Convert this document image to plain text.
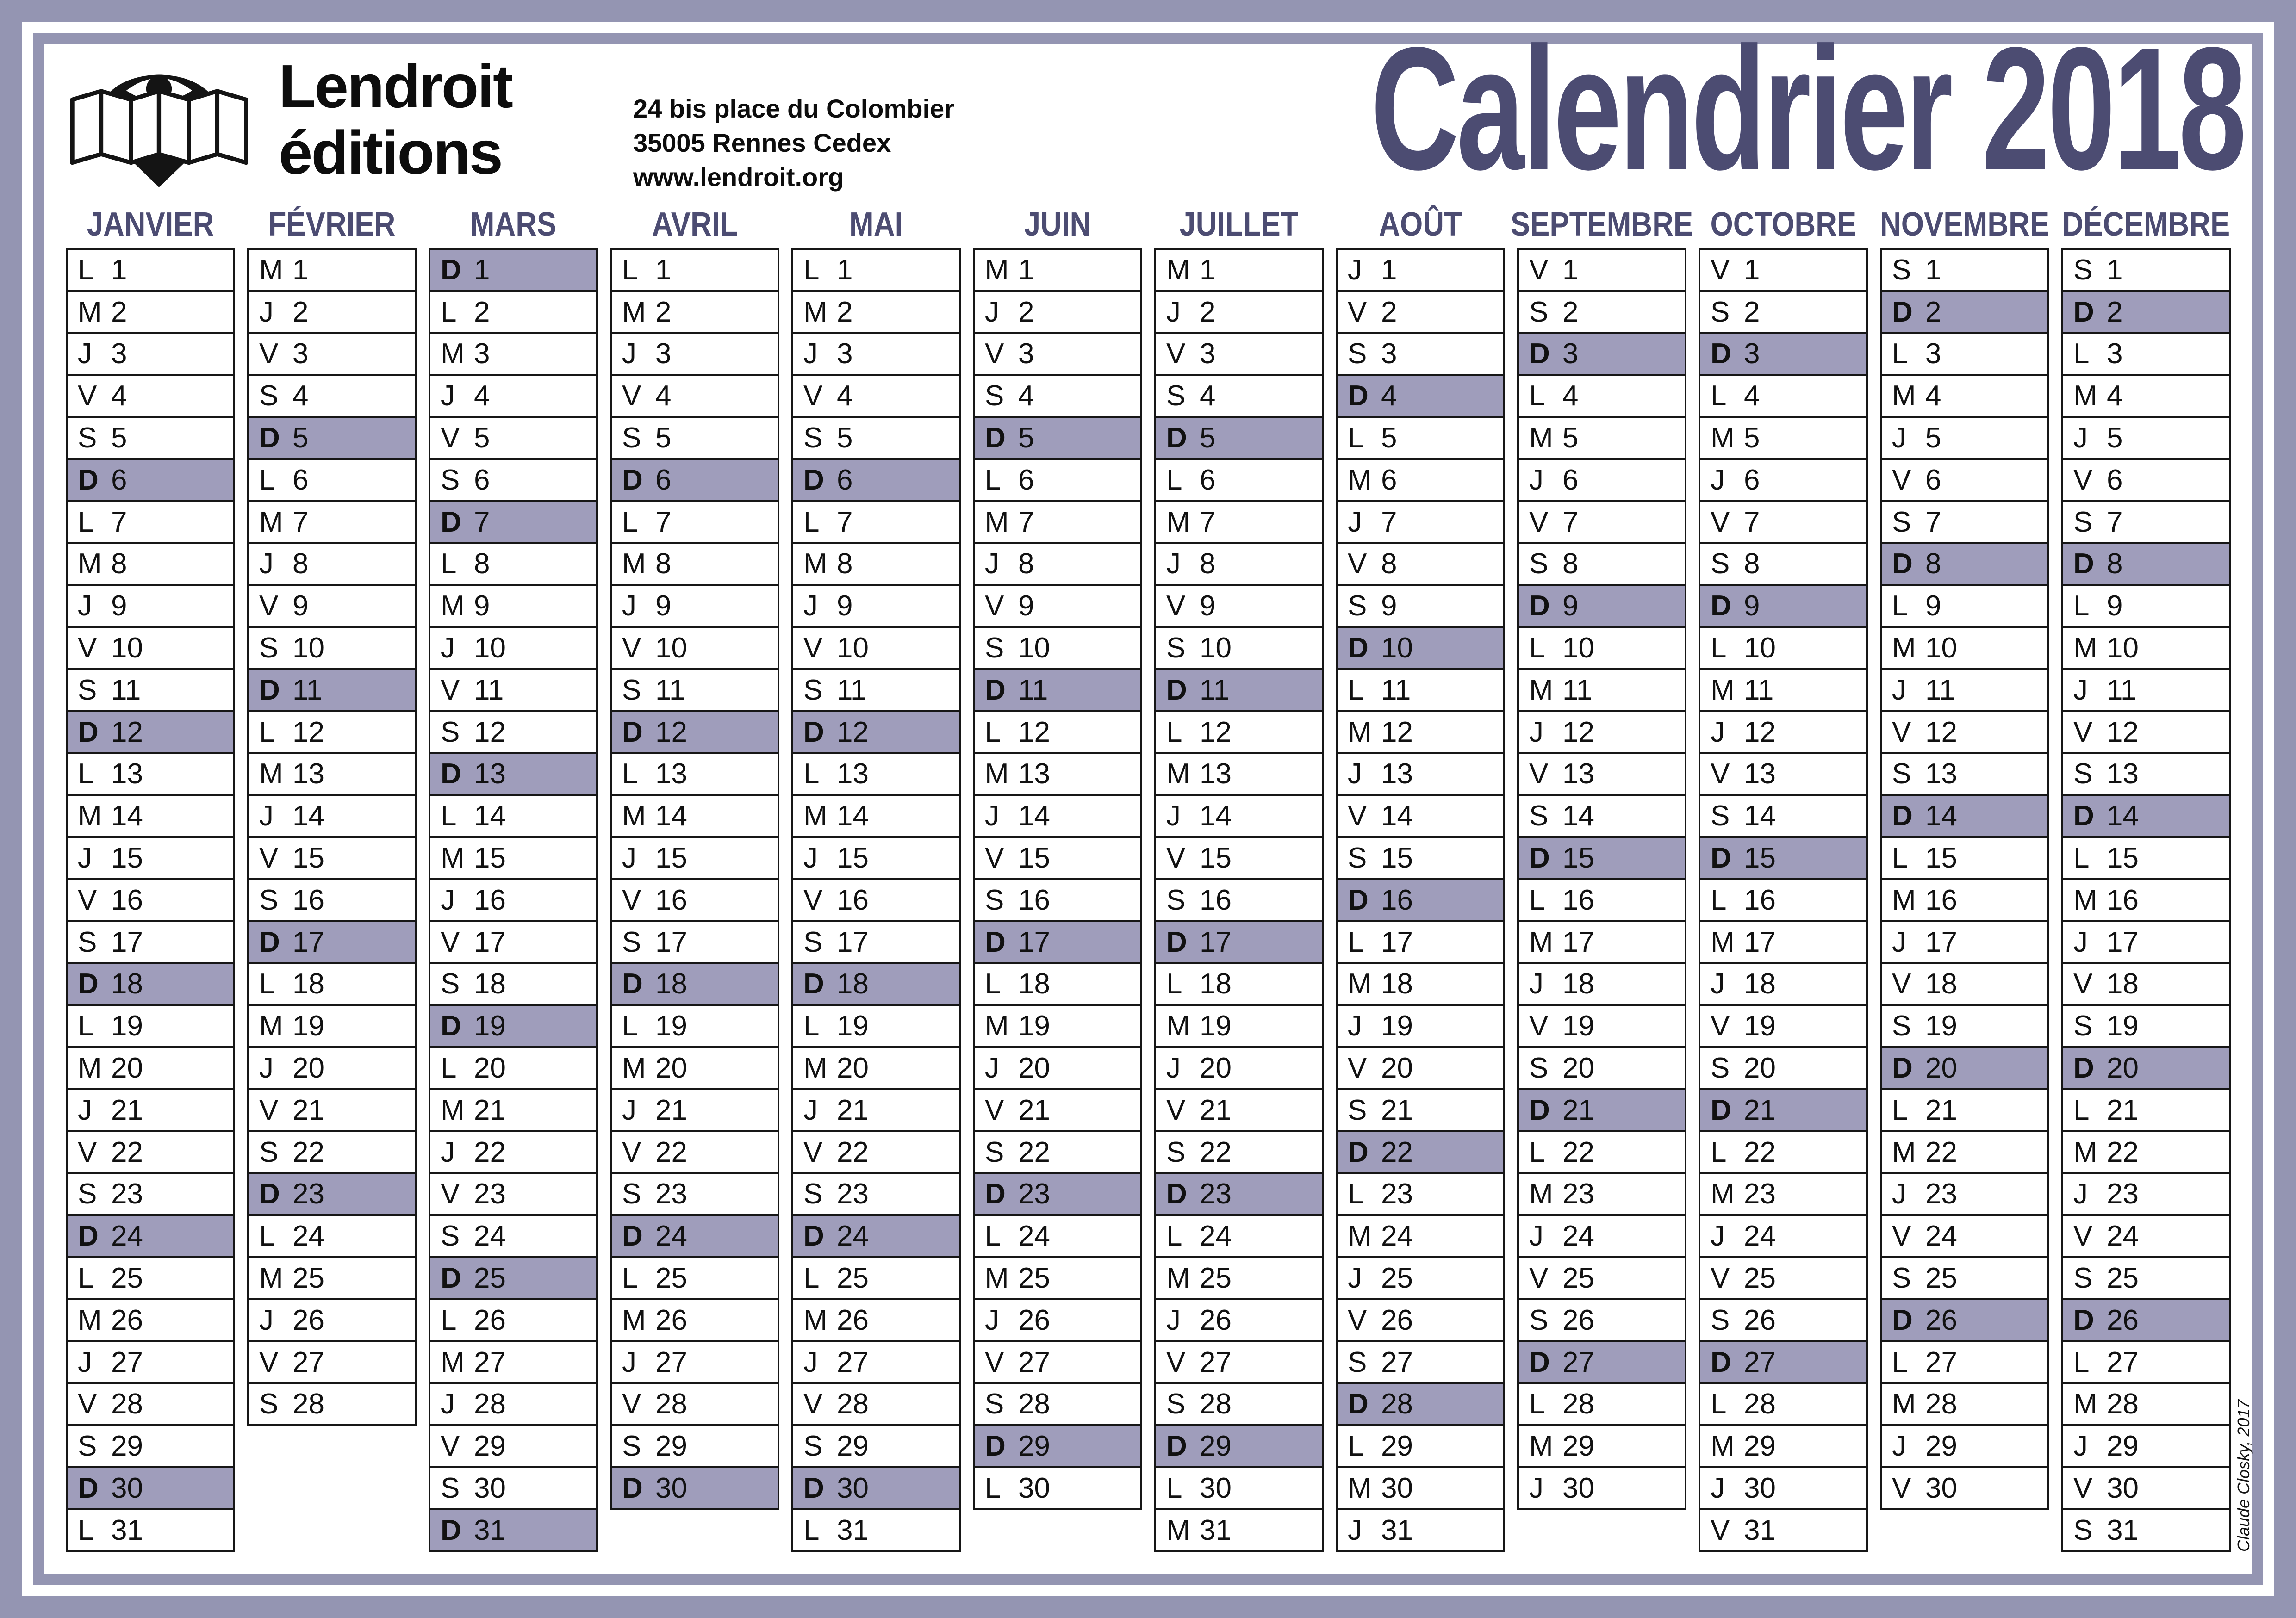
Lendroit
éditions
24 bis place du Colombier
35005 Rennes Cedex
www.lendroit.org	Calendrier 2018
JANVIER
L 1
M 2
J 3
V 4
S 5
D 6
L 7
M 8
J 9
V 10
S 11
D 12
L 13
M 14
J 15
V 16
S 17
D 18
L 19
M 20
J 21
V 22
S 23
D 24
L 25
M 26
J 27
V 28
S 29
D 30
L 31
FÉVRIER
M 1
J 2
V 3
S 4
D 5
L 6
M 7
J 8
V 9
S 10
D 11
L 12
M 13
J 14
V 15
S 16
D 17
L 18
M 19
J 20
V 21
S 22
D 23
L 24
M 25
J 26
V 27
S 28
MARS
D 1
L 2
M 3
J 4
V 5
S 6
D 7
L 8
M 9
J 10
V 11
S 12
D 13
L 14
M 15
J 16
V 17
S 18
D 19
L 20
M 21
J 22
V 23
S 24
D 25
L 26
M 27
J 28
V 29
S 30
D 31
AVRIL
L 1
M 2
J 3
V 4
S 5
D 6
L 7
M 8
J 9
V 10
S 11
D 12
L 13
M 14
J 15
V 16
S 17
D 18
L 19
M 20
J 21
V 22
S 23
D 24
L 25
M 26
J 27
V 28
S 29
D 30
MAI
L 1
M 2
J 3
V 4
S 5
D 6
L 7
M 8
J 9
V 10
S 11
D 12
L 13
M 14
J 15
V 16
S 17
D 18
L 19
M 20
J 21
V 22
S 23
D 24
L 25
M 26
J 27
V 28
S 29
D 30
L 31
JUIN
M 1
J 2
V 3
S 4
D 5
L 6
M 7
J 8
V 9
S 10
D 11
L 12
M 13
J 14
V 15
S 16
D 17
L 18
M 19
J 20
V 21
S 22
D 23
L 24
M 25
J 26
V 27
S 28
D 29
L 30
JUILLET
M 1
J 2
V 3
S 4
D 5
L 6
M 7
J 8
V 9
S 10
D 11
L 12
M 13
J 14
V 15
S 16
D 17
L 18
M 19
J 20
V 21
S 22
D 23
L 24
M 25
J 26
V 27
S 28
D 29
L 30
M 31
AOÛT
J 1
V 2
S 3
D 4
L 5
M 6
J 7
V 8
S 9
D 10
L 11
M 12
J 13
V 14
S 15
D 16
L 17
M 18
J 19
V 20
S 21
D 22
L 23
M 24
J 25
V 26
S 27
D 28
L 29
M 30
J 31
SEPTEMBRE
V 1
S 2
D 3
L 4
M 5
J 6
V 7
S 8
D 9
L 10
M 11
J 12
V 13
S 14
D 15
L 16
M 17
J 18
V 19
S 20
D 21
L 22
M 23
J 24
V 25
S 26
D 27
L 28
M 29
J 30
OCTOBRE
V 1
S 2
D 3
L 4
M 5
J 6
V 7
S 8
D 9
L 10
M 11
J 12
V 13
S 14
D 15
L 16
M 17
J 18
V 19
S 20
D 21
L 22
M 23
J 24
V 25
S 26
D 27
L 28
M 29
J 30
V 31
NOVEMBRE
S 1
D 2
L 3
M 4
J 5
V 6
S 7
D 8
L 9
M 10
J 11
V 12
S 13
D 14
L 15
M 16
J 17
V 18
S 19
D 20
L 21
M 22
J 23
V 24
S 25
D 26
L 27
M 28
J 29
V 30
DÉCEMBRE
S 1
D 2
L 3
M 4
J 5
V 6
S 7
D 8
L 9
M 10
J 11
V 12
S 13
D 14
L 15
M 16
J 17
V 18
S 19
D 20
L 21
M 22
J 23
V 24
S 25
D 26
L 27
M 28
J 29
V 30
S 31	Claude Closky, 2017
